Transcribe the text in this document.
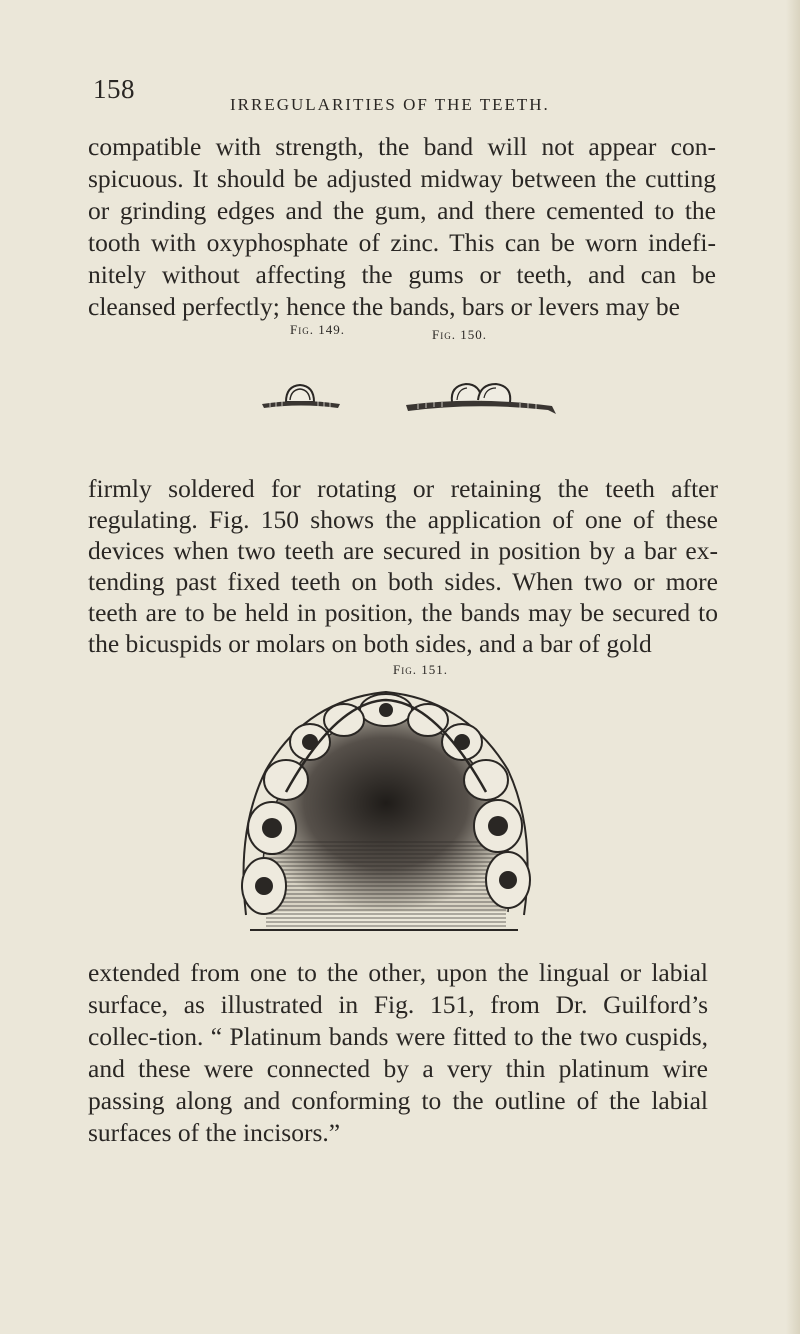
158
IRREGULARITIES OF THE TEETH.

compatible with strength, the band will not appear con-spicuous. It should be adjusted midway between the cutting or grinding edges and the gum, and there cemented to the tooth with oxyphosphate of zinc. This can be worn indefi-nitely without affecting the gums or teeth, and can be cleansed perfectly; hence the bands, bars or levers may be

Fig. 149.	Fig. 150.

firmly soldered for rotating or retaining the teeth after regulating. Fig. 150 shows the application of one of these devices when two teeth are secured in position by a bar ex-tending past fixed teeth on both sides. When two or more teeth are to be held in position, the bands may be secured to the bicuspids or molars on both sides, and a bar of gold

Fig. 151.

extended from one to the other, upon the lingual or labial surface, as illustrated in Fig. 151, from Dr. Guilford’s collec-tion. “ Platinum bands were fitted to the two cuspids, and these were connected by a very thin platinum wire passing along and conforming to the outline of the labial surfaces of the incisors.”
